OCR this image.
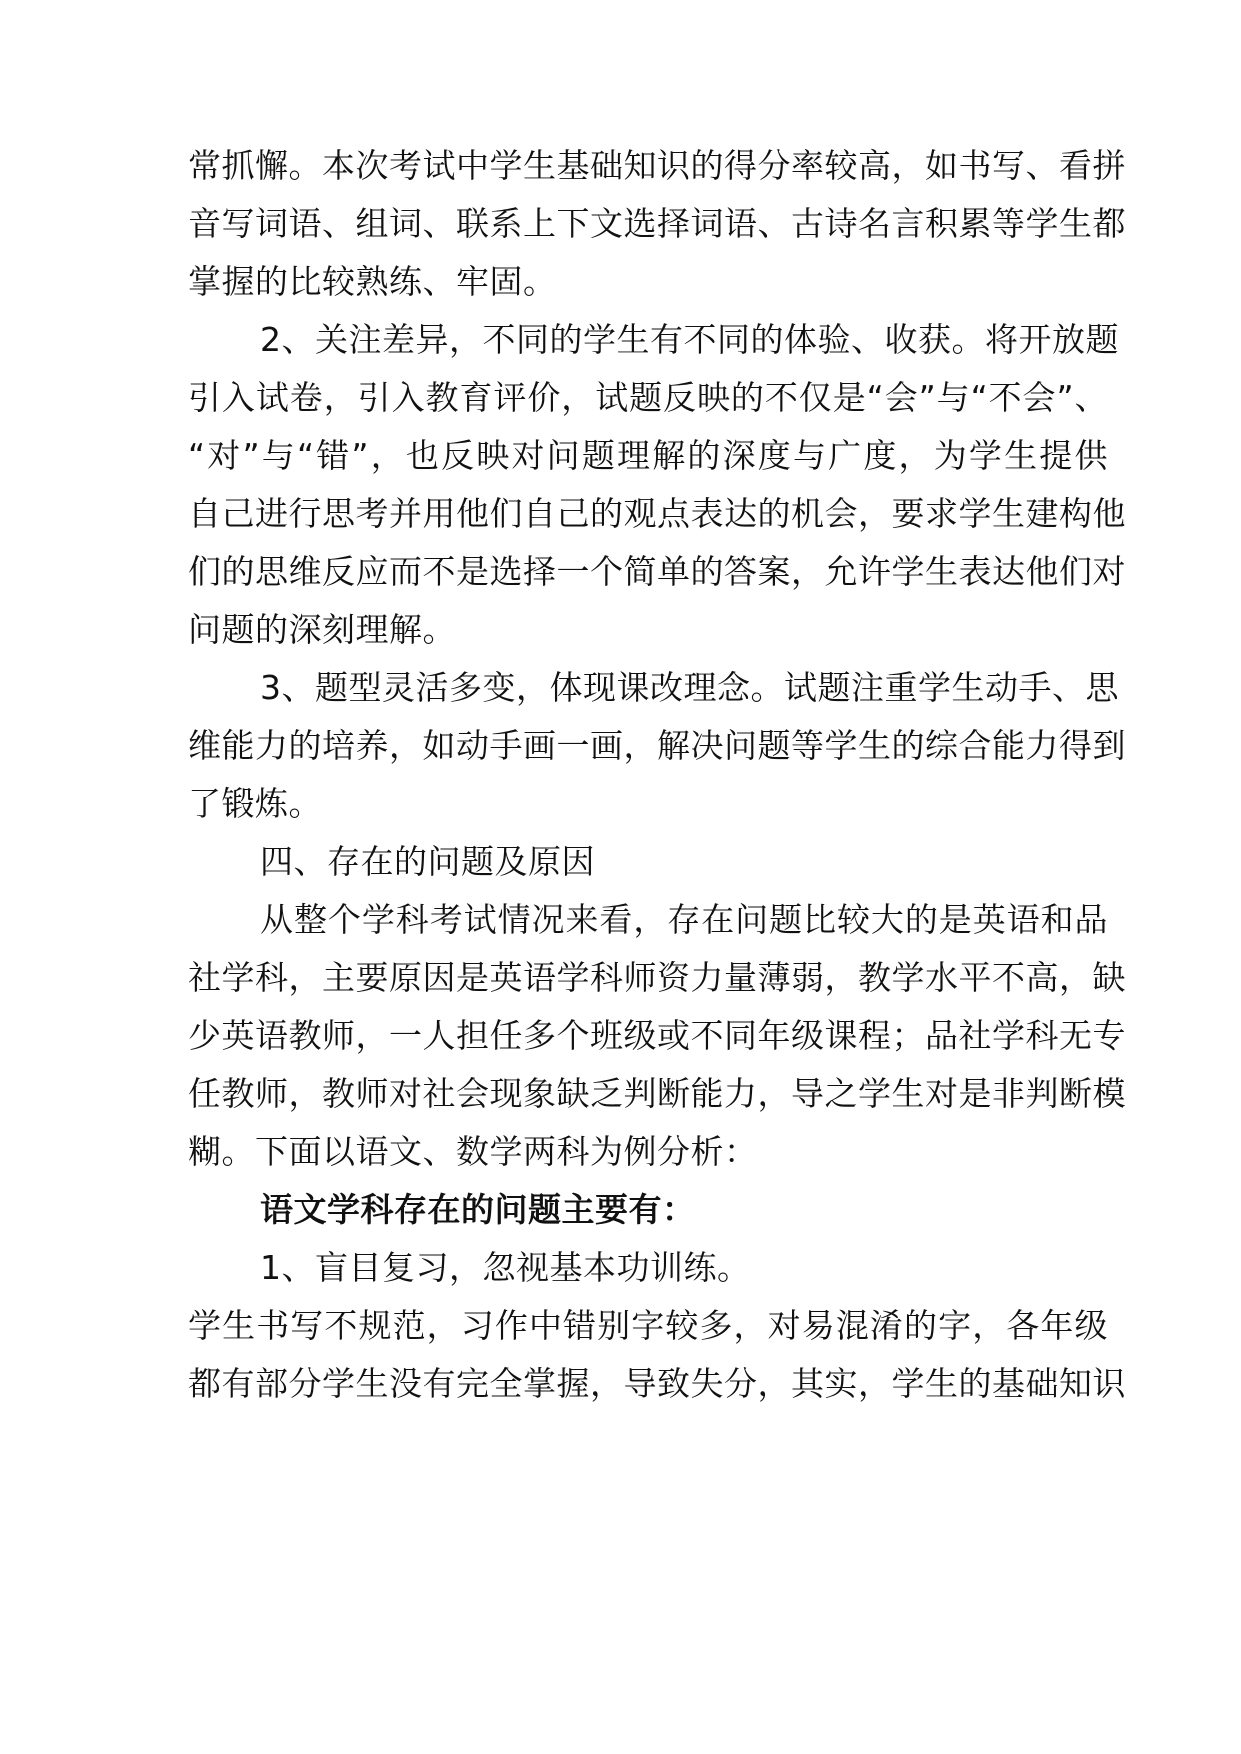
常抓懈。本次考试中学生基础知识的得分率较高，如书写、看拼
音写词语、组词、联系上下文选择词语、古诗名言积累等学生都
掌握的比较熟练、牢固。
2、关注差异，不同的学生有不同的体验、收获。将开放题
引入试卷，引入教育评价，试题反映的不仅是“会”与“不会”、
“对”与“错”，也反映对问题理解的深度与广度，为学生提供
自己进行思考并用他们自己的观点表达的机会，要求学生建构他
们的思维反应而不是选择一个简单的答案，允许学生表达他们对
问题的深刻理解。
3、题型灵活多变，体现课改理念。试题注重学生动手、思
维能力的培养，如动手画一画，解决问题等学生的综合能力得到
了锻炼。
四、存在的问题及原因
从整个学科考试情况来看，存在问题比较大的是英语和品
社学科，主要原因是英语学科师资力量薄弱，教学水平不高，缺
少英语教师，一人担任多个班级或不同年级课程；品社学科无专
任教师，教师对社会现象缺乏判断能力，导之学生对是非判断模
糊。下面以语文、数学两科为例分析：
语文学科存在的问题主要有：
1、盲目复习，忽视基本功训练。
学生书写不规范，习作中错别字较多，对易混淆的字，各年级
都有部分学生没有完全掌握，导致失分，其实，学生的基础知识
